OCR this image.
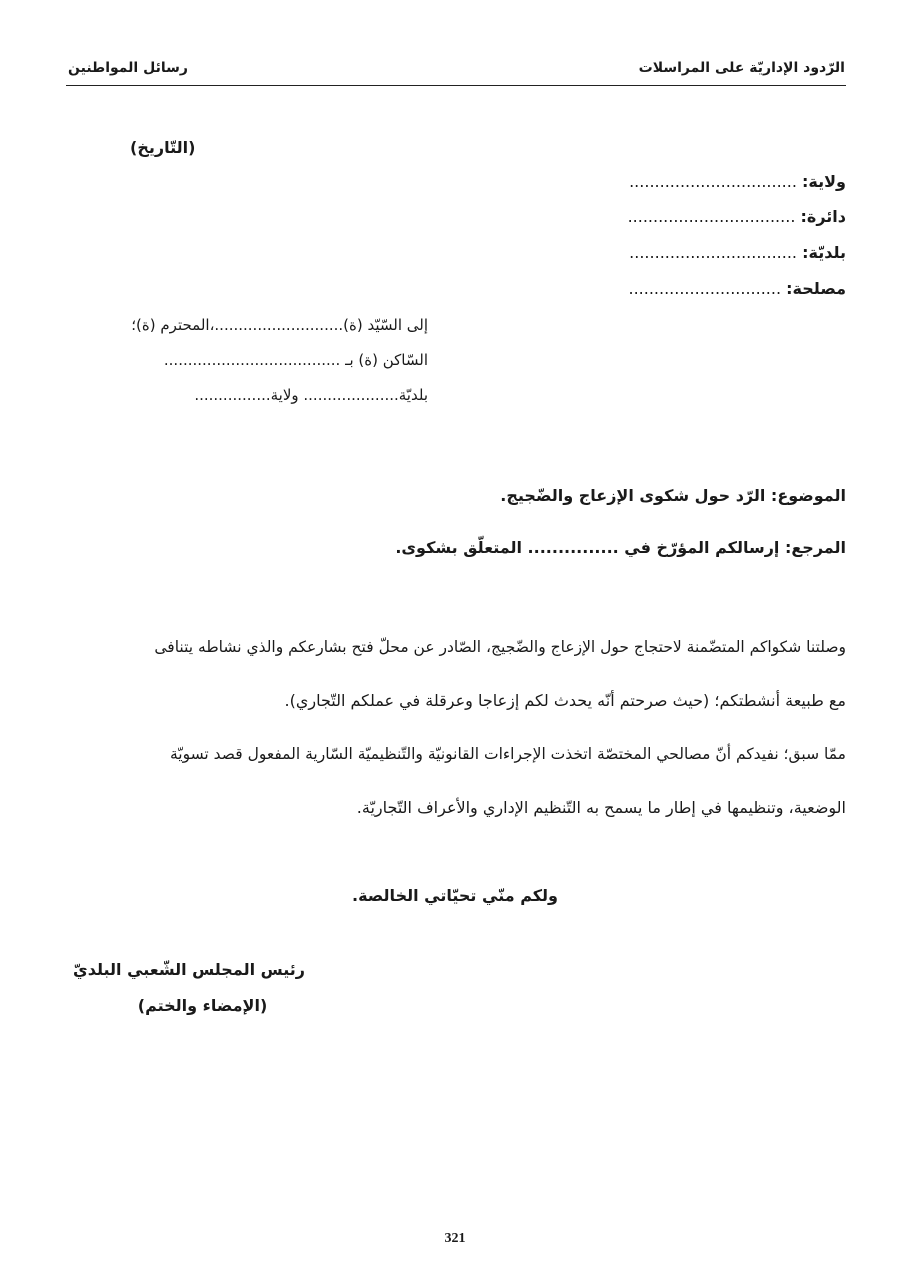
الرّدود الإداريّة على المراسلات
رسائل المواطنين
(التّاريخ)
ولاية: .................................
دائرة: .................................
بلديّة: .................................
مصلحة: ..............................
إلى السّيّد (ة)...........................،المحترم (ة)؛
السّاكن (ة) بـ .....................................
بلديّة.................... ولاية................
الموضوع: الرّد حول شكوى الإزعاج والضّجيج.
المرجع: إرسالكم المؤرّخ في ............... المتعلّق بشكوى.
وصلتنا شكواكم المتضّمنة لاحتجاج حول الإزعاج والضّجيج، الصّادر عن محلّ فتح بشارعكم والذي نشاطه يتنافى
مع طبيعة أنشطتكم؛ (حيث صرحتم أنّه يحدث لكم إزعاجا وعرقلة في عملكم التّجاري).
ممّا سبق؛ نفيدكم أنّ مصالحي المختصّة اتخذت الإجراءات القانونيّة والتّنظيميّة السّارية المفعول قصد تسويّة
الوضعية، وتنظيمها في إطار ما يسمح به التّنظيم الإداري والأعراف التّجاريّة.
ولكم منّي تحيّاتي الخالصة.
رئيس المجلس الشّعبي البلديّ
(الإمضاء والختم)
321
